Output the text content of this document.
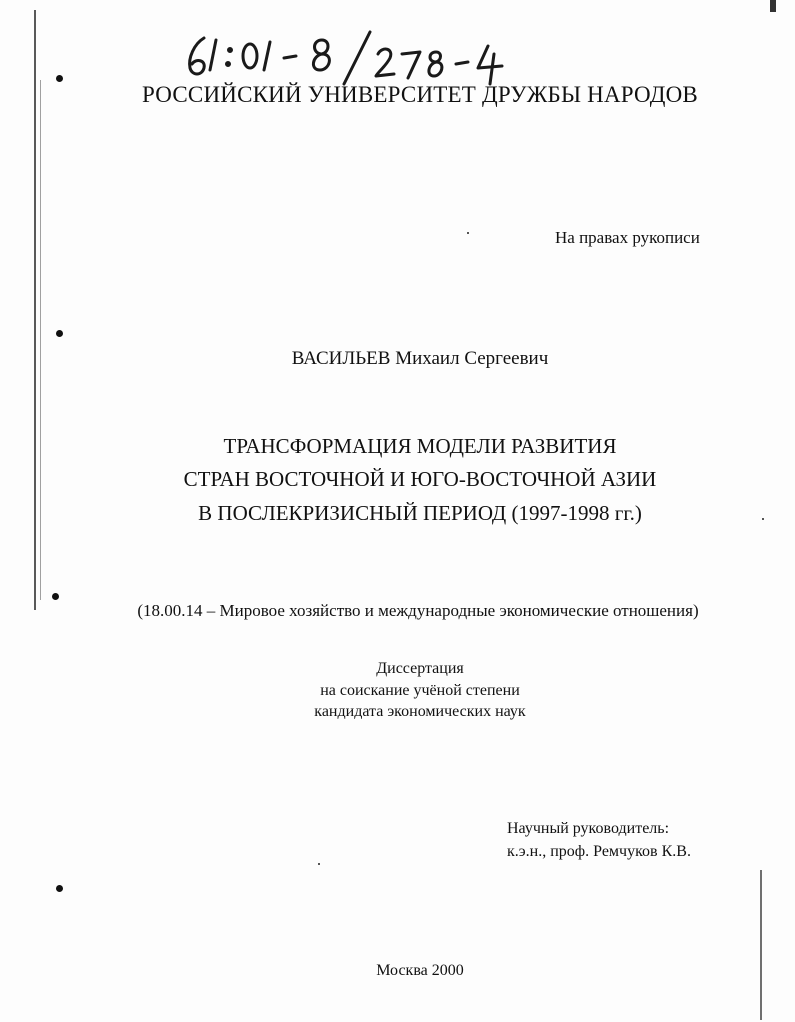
РОССИЙСКИЙ УНИВЕРСИТЕТ ДРУЖБЫ НАРОДОВ
На правах рукописи
ВАСИЛЬЕВ Михаил Сергеевич
ТРАНСФОРМАЦИЯ МОДЕЛИ РАЗВИТИЯ
СТРАН ВОСТОЧНОЙ И ЮГО-ВОСТОЧНОЙ АЗИИ
В ПОСЛЕКРИЗИСНЫЙ ПЕРИОД (1997-1998 гг.)
(18.00.14 – Мировое хозяйство и международные экономические отношения)
Диссертация
на соискание учёной степени
кандидата экономических наук
Научный руководитель:
к.э.н., проф. Ремчуков К.В.
Москва 2000
